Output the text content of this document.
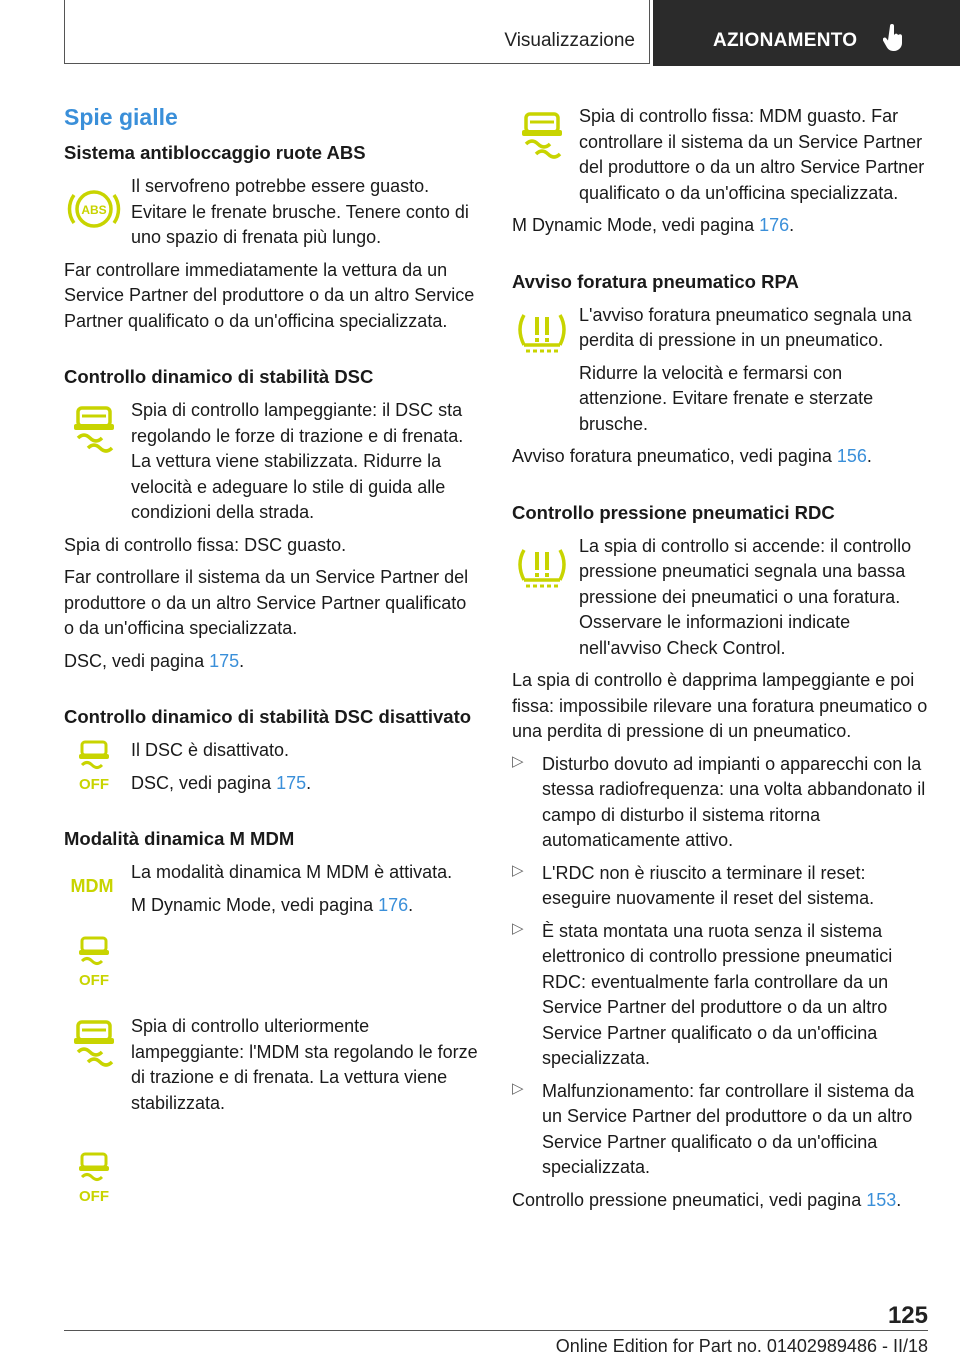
Visualizzazione	AZIONAMENTO
Spie gialle
Sistema antibloccaggio ruote ABS
ABS

Il servofreno potrebbe essere guasto. Evitare le frenate brusche. Tenere conto di uno spazio di frenata più lungo.

Far controllare immediatamente la vettura da un Service Partner del produttore o da un altro Service Partner qualificato o da un'officina specializzata.

Controllo dinamico di stabilità DSC

Spia di controllo lampeggiante: il DSC sta regolando le forze di trazione e di frenata. La vettura viene stabilizzata. Ridurre la velocità e adeguare lo stile di guida alle condizioni della strada.

Spia di controllo fissa: DSC guasto.

Far controllare il sistema da un Service Partner del produttore o da un altro Service Partner qualificato o da un'officina specializzata.

DSC, vedi pagina 175.

Controllo dinamico di stabilità DSC disattivato
OFF

Il DSC è disattivato.

DSC, vedi pagina 175.

Modalità dinamica M MDM
MDM

La modalità dinamica M MDM è attivata.

M Dynamic Mode, vedi pagina 176.

OFF

Spia di controllo ulteriormente lampeggiante: l'MDM sta regolando le forze di trazione e di frenata. La vettura viene stabilizzata.

OFF

Spia di controllo fissa: MDM guasto. Far controllare il sistema da un Service Partner del produttore o da un altro Service Partner qualificato o da un'officina specializzata.

M Dynamic Mode, vedi pagina 176.

Avviso foratura pneumatico RPA

L'avviso foratura pneumatico segnala una perdita di pressione in un pneumatico.

Ridurre la velocità e fermarsi con attenzione. Evitare frenate e sterzate brusche.

Avviso foratura pneumatico, vedi pagina 156.

Controllo pressione pneumatici RDC

La spia di controllo si accende: il controllo pressione pneumatici segnala una bassa pressione dei pneumatici o una foratura. Osservare le informazioni indicate nell'avviso Check Control.

La spia di controllo è dapprima lampeggiante e poi fissa: impossibile rilevare una foratura pneumatico o una perdita di pressione di un pneumatico.

▷ Disturbo dovuto ad impianti o apparecchi con la stessa radiofrequenza: una volta abbandonato il campo di disturbo il sistema ritorna automaticamente attivo.

▷ L'RDC non è riuscito a terminare il reset: eseguire nuovamente il reset del sistema.

▷ È stata montata una ruota senza il sistema elettronico di controllo pressione pneumatici RDC: eventualmente farla controllare da un Service Partner del produttore o da un altro Service Partner qualificato o da un'officina specializzata.

▷ Malfunzionamento: far controllare il sistema da un Service Partner del produttore o da un altro Service Partner qualificato o da un'officina specializzata.

Controllo pressione pneumatici, vedi pagina 153.

125
Online Edition for Part no. 01402989486 - II/18
